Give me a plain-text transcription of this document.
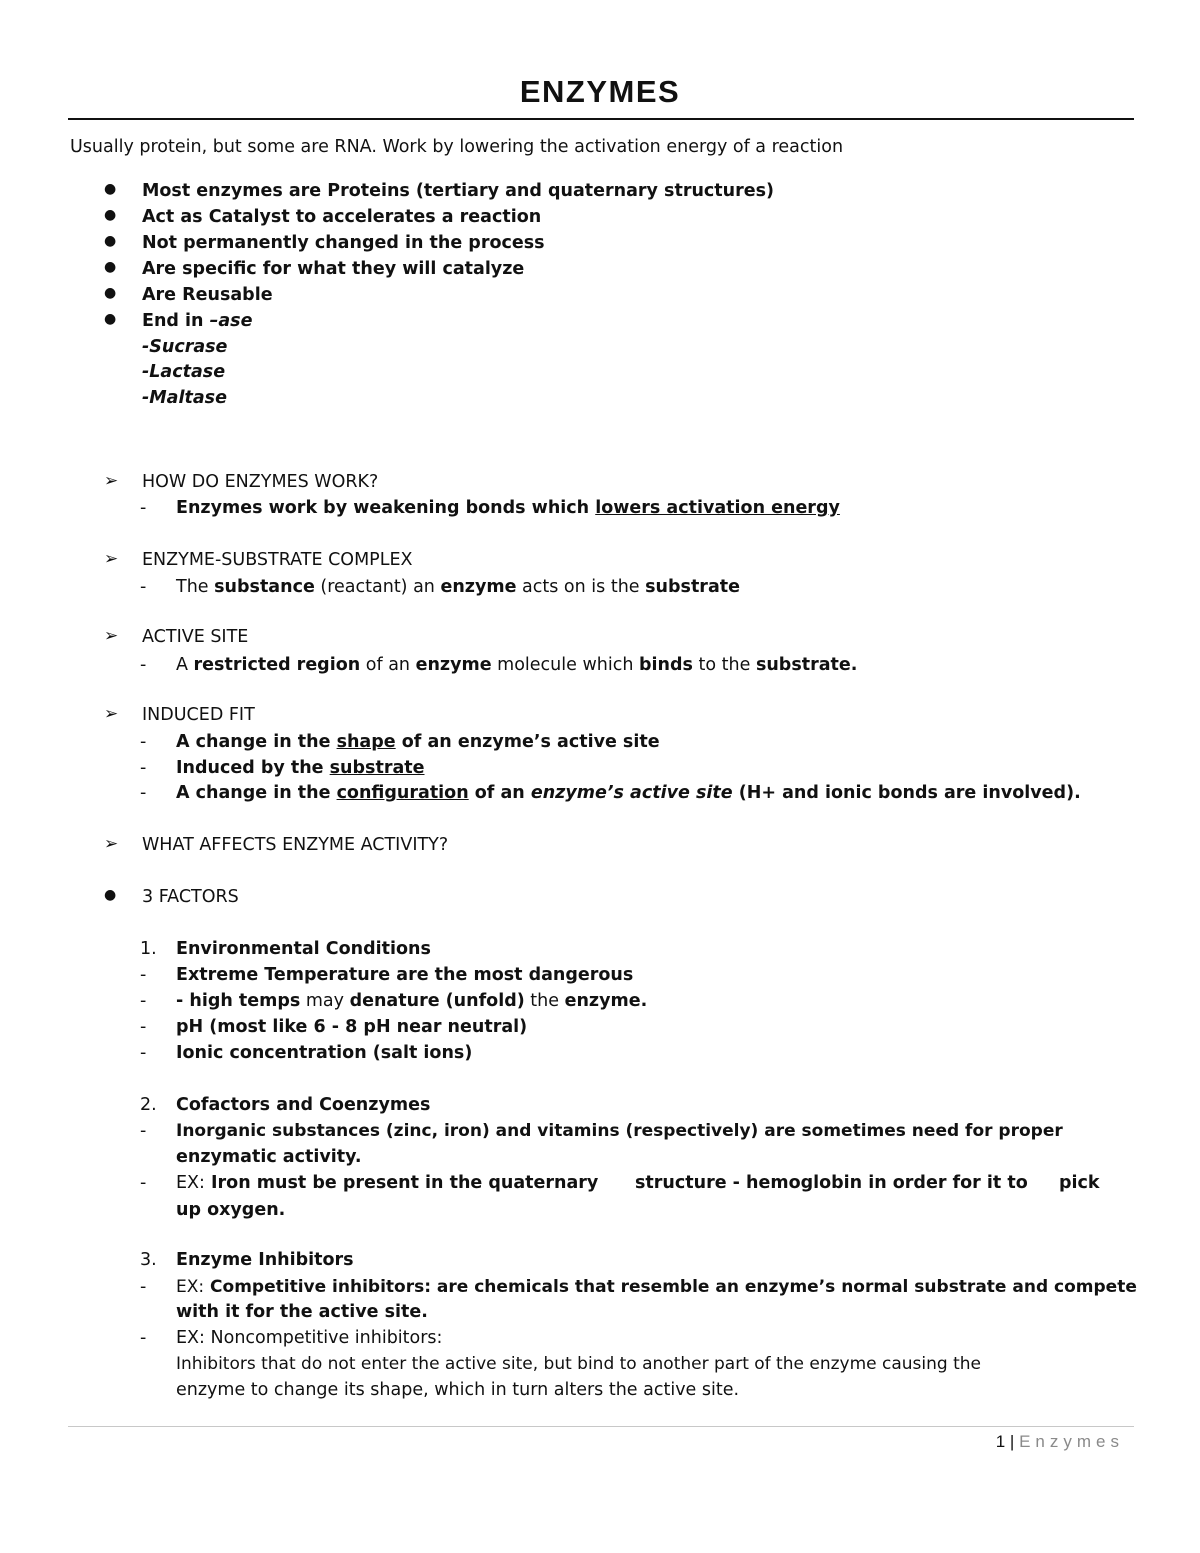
ENZYMES
Usually protein, but some are RNA. Work by lowering the activation energy of a reaction
● Most enzymes are Proteins (tertiary and quaternary structures)
● Act as Catalyst to accelerates a reaction
● Not permanently changed in the process
● Are specific for what they will catalyze
● Are Reusable
● End in –ase
-Sucrase
-Lactase
-Maltase
➢ HOW DO ENZYMES WORK?
- Enzymes work by weakening bonds which lowers activation energy
➢ ENZYME-SUBSTRATE COMPLEX
- The substance (reactant) an enzyme acts on is the substrate
➢ ACTIVE SITE
- A restricted region of an enzyme molecule which binds to the substrate.
➢ INDUCED FIT
- A change in the shape of an enzyme’s active site
- Induced by the substrate
- A change in the configuration of an enzyme’s active site (H+ and ionic bonds are involved).
➢ WHAT AFFECTS ENZYME ACTIVITY?
● 3 FACTORS
1. Environmental Conditions
- Extreme Temperature are the most dangerous
- - high temps may denature (unfold) the enzyme.
- pH (most like 6 - 8 pH near neutral)
- Ionic concentration (salt ions)
2. Cofactors and Coenzymes
- Inorganic substances (zinc, iron) and vitamins (respectively) are sometimes need for proper
enzymatic activity.
- EX: Iron must be present in the quaternary structure - hemoglobin in order for it to pick
up oxygen.
3. Enzyme Inhibitors
- EX: Competitive inhibitors: are chemicals that resemble an enzyme’s normal substrate and compete
with it for the active site.
- EX: Noncompetitive inhibitors:
Inhibitors that do not enter the active site, but bind to another part of the enzyme causing the
enzyme to change its shape, which in turn alters the active site.
1 | Enzymes
